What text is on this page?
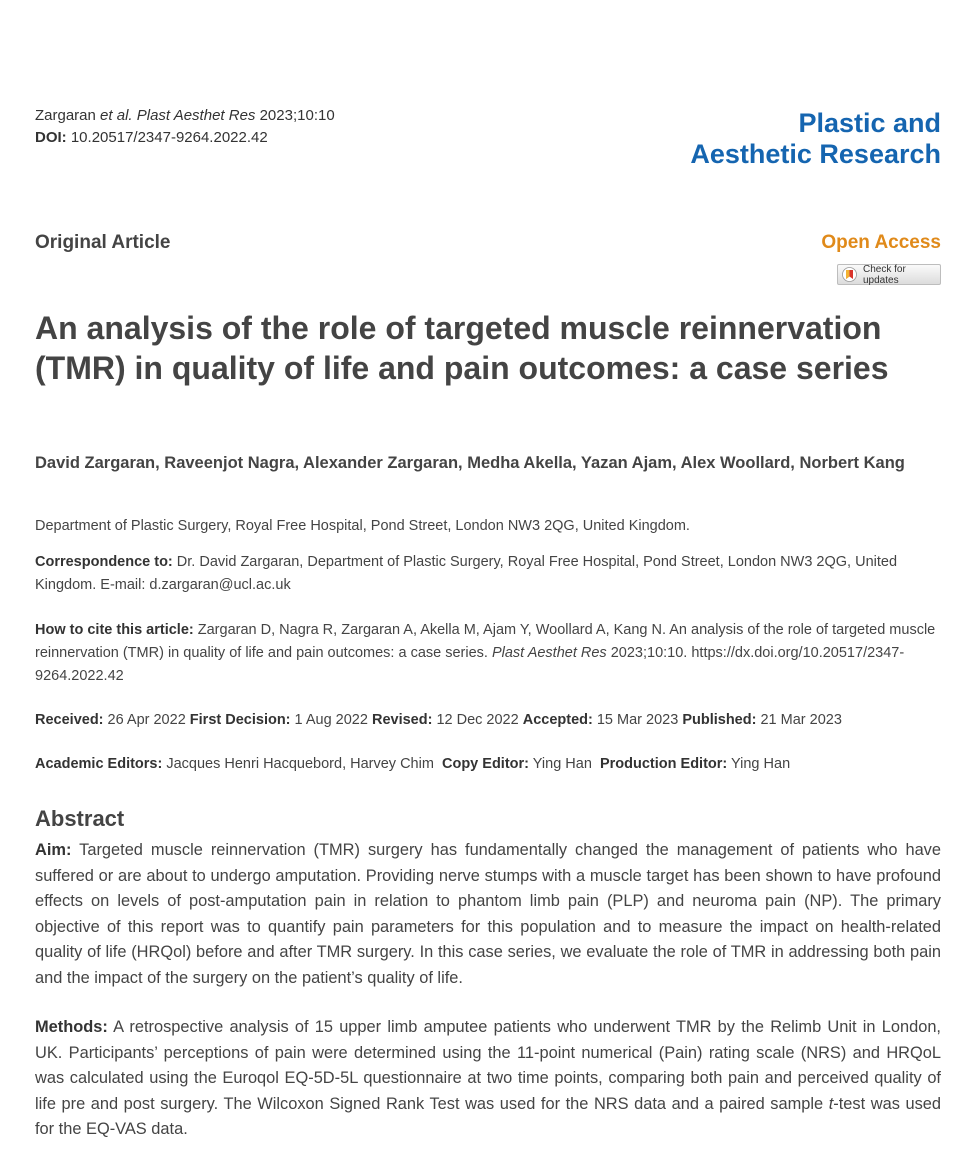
Zargaran et al. Plast Aesthet Res 2023;10:10
DOI: 10.20517/2347-9264.2022.42	Plastic and
Aesthetic Research
Original Article	Open Access
Check for updates
An analysis of the role of targeted muscle reinnervation (TMR) in quality of life and pain outcomes: a case series
David Zargaran, Raveenjot Nagra, Alexander Zargaran, Medha Akella, Yazan Ajam, Alex Woollard, Norbert Kang
Department of Plastic Surgery, Royal Free Hospital, Pond Street, London NW3 2QG, United Kingdom.
Correspondence to: Dr. David Zargaran, Department of Plastic Surgery, Royal Free Hospital, Pond Street, London NW3 2QG, United Kingdom. E-mail: d.zargaran@ucl.ac.uk
How to cite this article: Zargaran D, Nagra R, Zargaran A, Akella M, Ajam Y, Woollard A, Kang N. An analysis of the role of targeted muscle reinnervation (TMR) in quality of life and pain outcomes: a case series. Plast Aesthet Res 2023;10:10. https://dx.doi.org/10.20517/2347-9264.2022.42
Received: 26 Apr 2022 First Decision: 1 Aug 2022 Revised: 12 Dec 2022 Accepted: 15 Mar 2023 Published: 21 Mar 2023
Academic Editors: Jacques Henri Hacquebord, Harvey Chim Copy Editor: Ying Han Production Editor: Ying Han
Abstract

Aim: Targeted muscle reinnervation (TMR) surgery has fundamentally changed the management of patients who have suffered or are about to undergo amputation. Providing nerve stumps with a muscle target has been shown to have profound effects on levels of post-amputation pain in relation to phantom limb pain (PLP) and neuroma pain (NP). The primary objective of this report was to quantify pain parameters for this population and to measure the impact on health-related quality of life (HRQol) before and after TMR surgery. In this case series, we evaluate the role of TMR in addressing both pain and the impact of the surgery on the patient’s quality of life.

Methods: A retrospective analysis of 15 upper limb amputee patients who underwent TMR by the Relimb Unit in London, UK. Participants’ perceptions of pain were determined using the 11-point numerical (Pain) rating scale (NRS) and HRQoL was calculated using the Euroqol EQ-5D-5L questionnaire at two time points, comparing both pain and perceived quality of life pre and post surgery. The Wilcoxon Signed Rank Test was used for the NRS data and a paired sample t-test was used for the EQ-VAS data.
